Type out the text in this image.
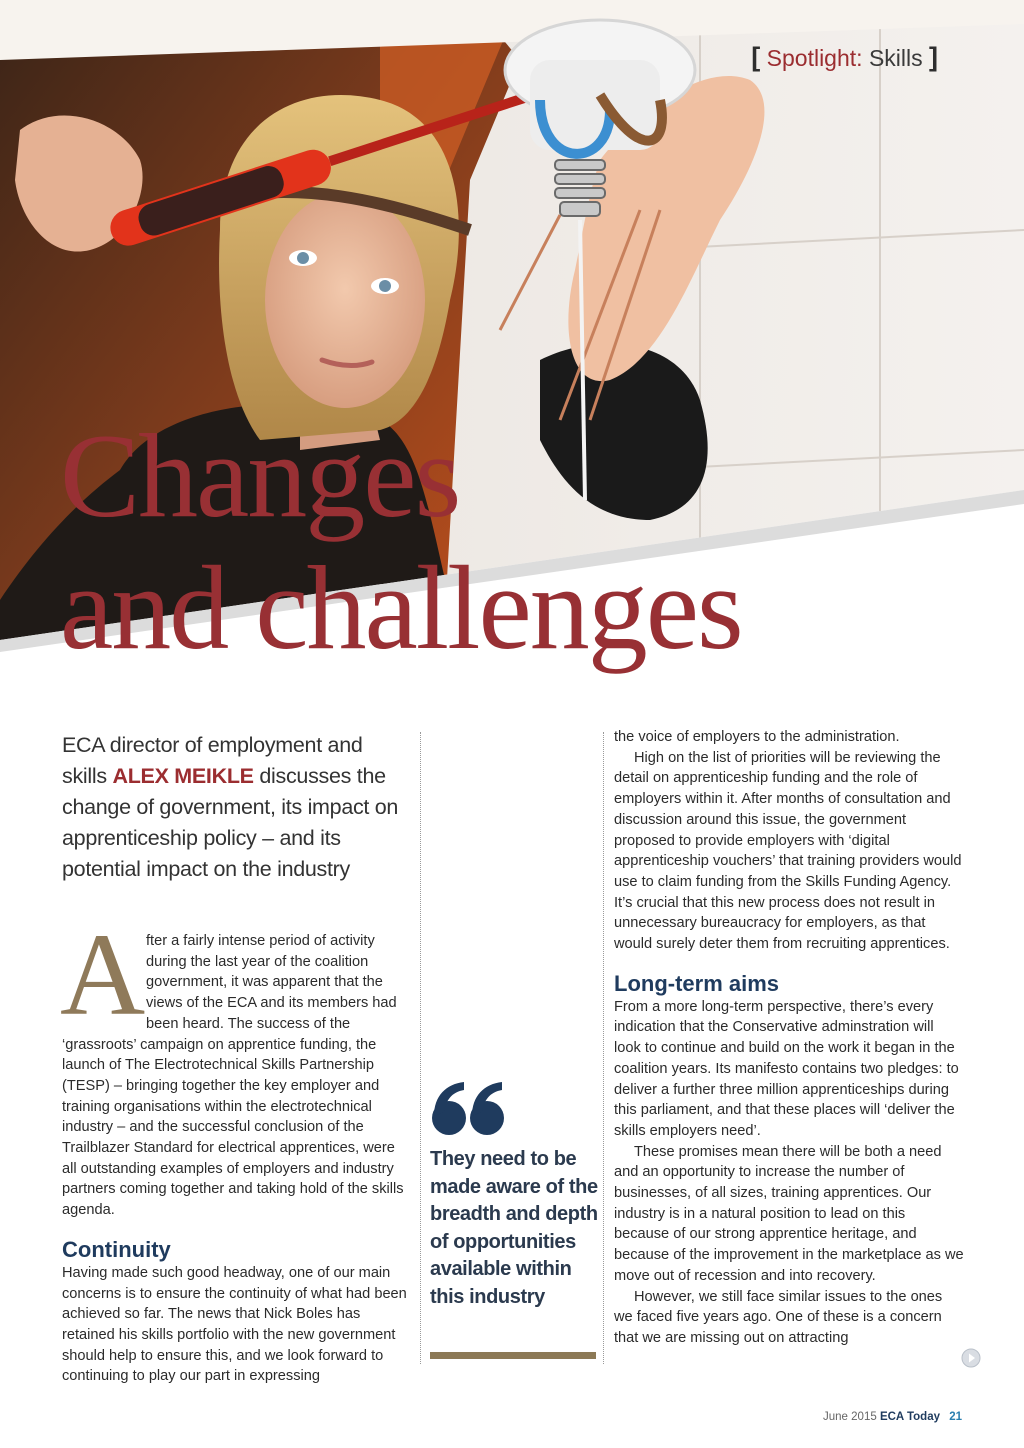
[ Spotlight: Skills ]
Changes
and challenges

ECA director of employment and skills ALEX MEIKLE discusses the change of government, its impact on apprenticeship policy – and its potential impact on the industry

A fter a fairly intense period of activity during the last year of the coalition government, it was apparent that the views of the ECA and its members had been heard. The success of the ‘grassroots’ campaign on apprentice funding, the launch of The Electrotechnical Skills Partnership (TESP) – bringing together the key employer and training organisations within the electrotechnical industry – and the successful conclusion of the Trailblazer Standard for electrical apprentices, were all outstanding examples of employers and industry partners coming together and taking hold of the skills agenda.
Continuity

Having made such good headway, one of our main concerns is to ensure the continuity of what had been achieved so far. The news that Nick Boles has retained his skills portfolio with the new government should help to ensure this, and we look forward to continuing to play our part in expressing

They need to be made aware of the breadth and depth of opportunities available within this industry

the voice of employers to the administration.

High on the list of priorities will be reviewing the detail on apprenticeship funding and the role of employers within it. After months of consultation and discussion around this issue, the government proposed to provide employers with ‘digital apprenticeship vouchers’ that training providers would use to claim funding from the Skills Funding Agency. It’s crucial that this new process does not result in unnecessary bureaucracy for employers, as that would surely deter them from recruiting apprentices.

Long-term aims

From a more long-term perspective, there’s every indication that the Conservative adminstration will look to continue and build on the work it began in the coalition years. Its manifesto contains two pledges: to deliver a further three million apprenticeships during this parliament, and that these places will ‘deliver the skills employers need’.

These promises mean there will be both a need and an opportunity to increase the number of businesses, of all sizes, training apprentices. Our industry is in a natural position to lead on this because of our strong apprentice heritage, and because of the improvement in the marketplace as we move out of recession and into recovery.

However, we still face similar issues to the ones we faced five years ago. One of these is a concern that we are missing out on attracting

June 2015 ECA Today 21
